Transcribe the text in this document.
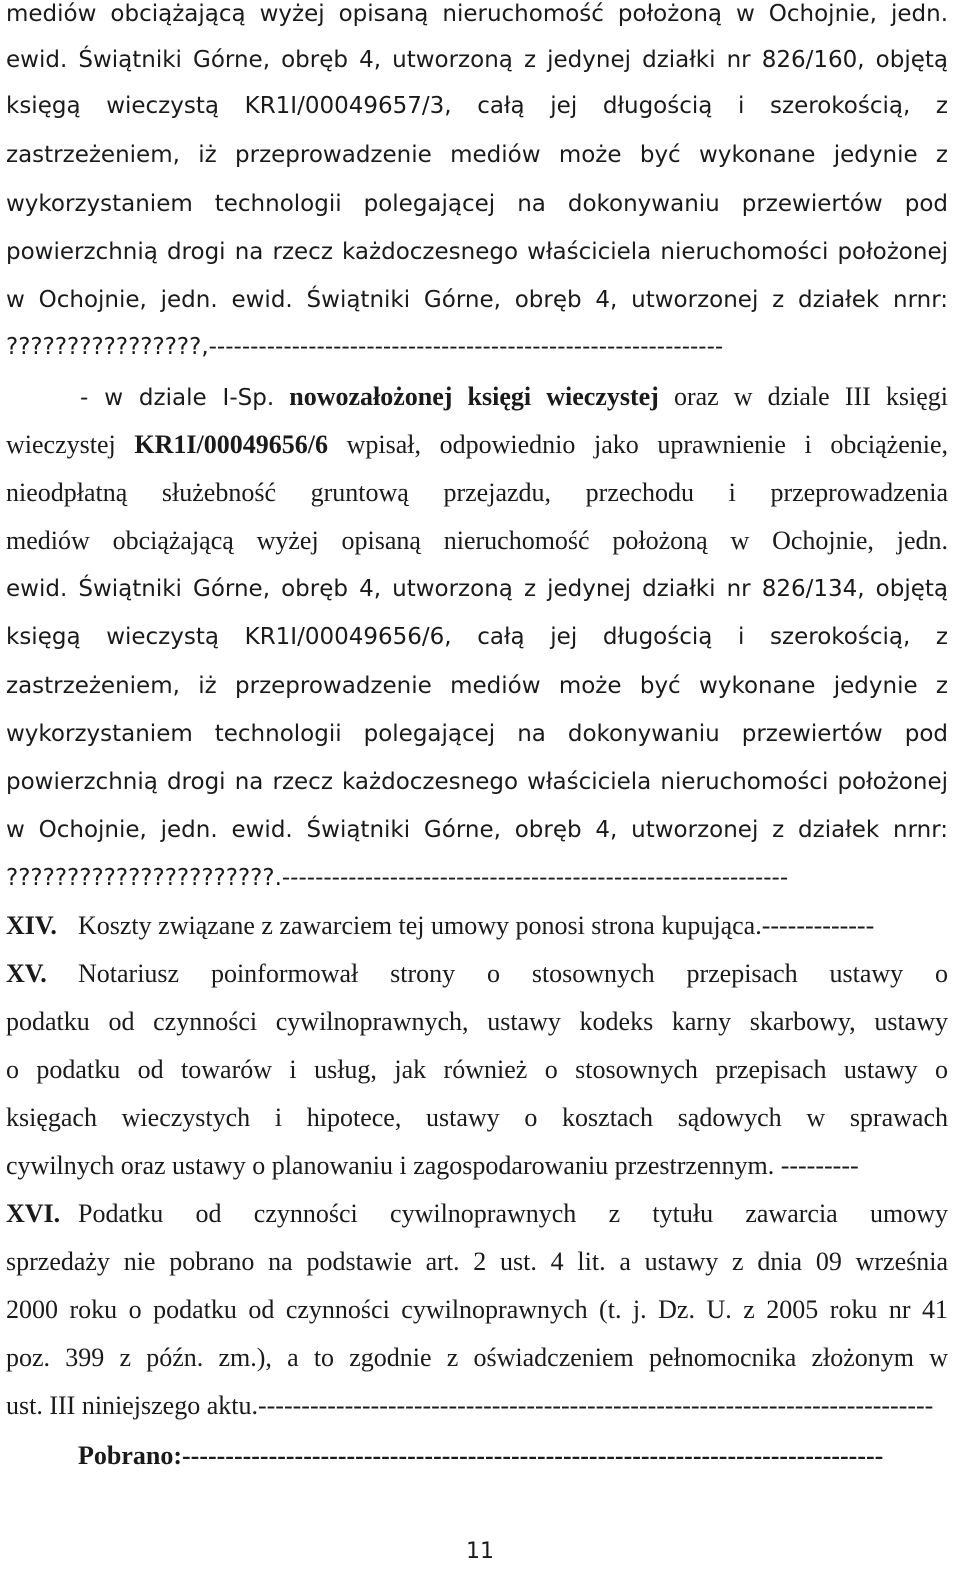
mediów obciążającą wyżej opisaną nieruchomość położoną w Ochojnie, jedn.
ewid. Świątniki Górne, obręb 4, utworzoną z jedynej działki nr 826/160, objętą
księgą wieczystą KR1I/00049657/3, całą jej długością i szerokością, z
zastrzeżeniem, iż przeprowadzenie mediów może być wykonane jedynie z
wykorzystaniem technologii polegającej na dokonywaniu przewiertów pod
powierzchnią drogi na rzecz każdoczesnego właściciela nieruchomości położonej
w Ochojnie, jedn. ewid. Świątniki Górne, obręb 4, utworzonej z działek nrnr:
????????????????,--------------------------------------------------------------
- w dziale I-Sp. nowozałożonej księgi wieczystej oraz w dziale III księgi
wieczystej KR1I/00049656/6 wpisał, odpowiednio jako uprawnienie i obciążenie,
nieodpłatną służebność gruntową przejazdu, przechodu i przeprowadzenia
mediów obciążającą wyżej opisaną nieruchomość położoną w Ochojnie, jedn.
ewid. Świątniki Górne, obręb 4, utworzoną z jedynej działki nr 826/134, objętą
księgą wieczystą KR1I/00049656/6, całą jej długością i szerokością, z
zastrzeżeniem, iż przeprowadzenie mediów może być wykonane jedynie z
wykorzystaniem technologii polegającej na dokonywaniu przewiertów pod
powierzchnią drogi na rzecz każdoczesnego właściciela nieruchomości położonej
w Ochojnie, jedn. ewid. Świątniki Górne, obręb 4, utworzonej z działek nrnr:
??????????????????????.-------------------------------------------------------------
XIV. Koszty związane z zawarciem tej umowy ponosi strona kupująca.-------------
XV. Notariusz poinformował strony o stosownych przepisach ustawy o
podatku od czynności cywilnoprawnych, ustawy kodeks karny skarbowy, ustawy
o podatku od towarów i usług, jak również o stosownych przepisach ustawy o
księgach wieczystych i hipotece, ustawy o kosztach sądowych w sprawach
cywilnych oraz ustawy o planowaniu i zagospodarowaniu przestrzennym. ---------
XVI. Podatku od czynności cywilnoprawnych z tytułu zawarcia umowy
sprzedaży nie pobrano na podstawie art. 2 ust. 4 lit. a ustawy z dnia 09 września
2000 roku o podatku od czynności cywilnoprawnych (t. j. Dz. U. z 2005 roku nr 41
poz. 399 z późn. zm.), a to zgodnie z oświadczeniem pełnomocnika złożonym w
ust. III niniejszego aktu.------------------------------------------------------------------------------
Pobrano:---------------------------------------------------------------------------------
11
